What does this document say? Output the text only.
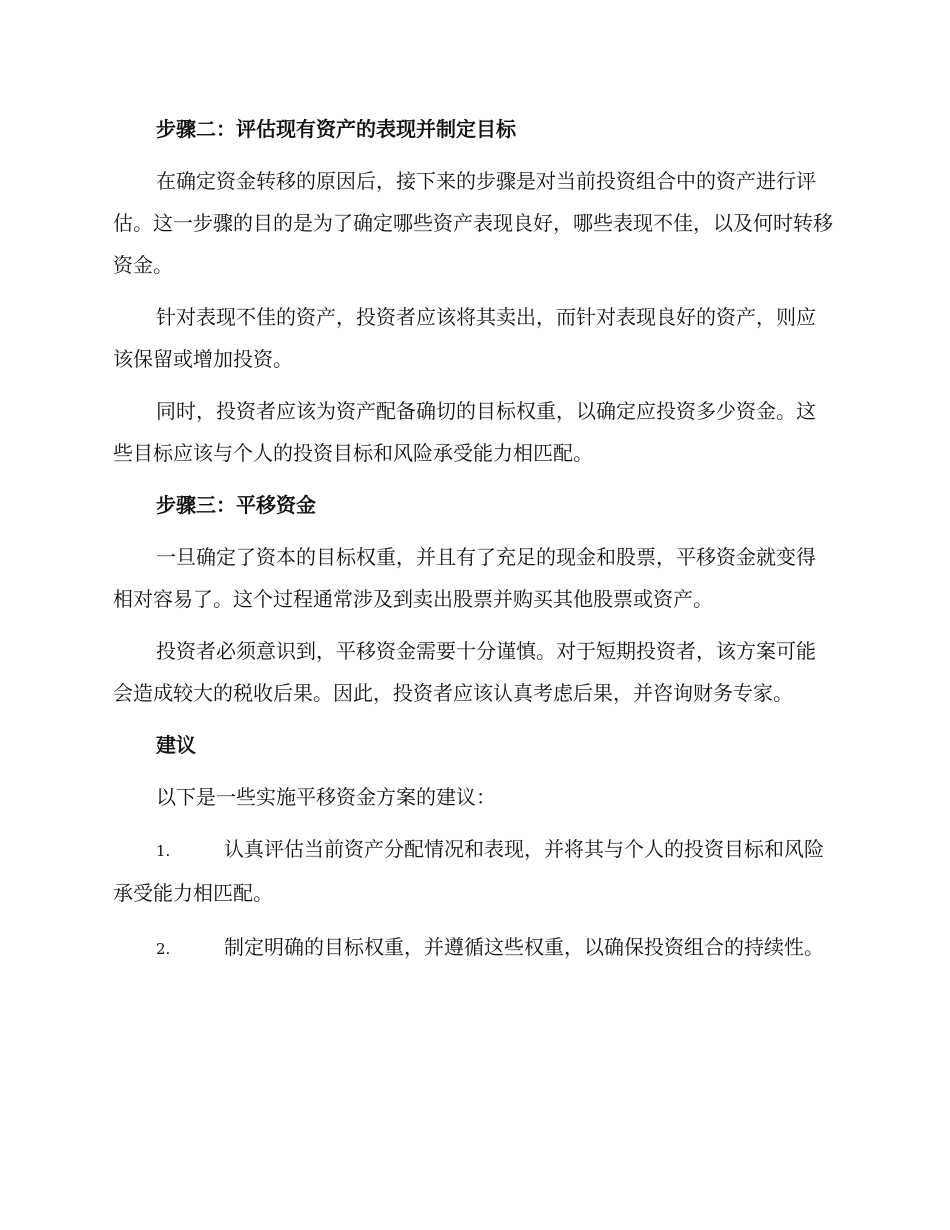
步骤二：评估现有资产的表现并制定目标

在确定资金转移的原因后，接下来的步骤是对当前投资组合中的资产进行评估。这一步骤的目的是为了确定哪些资产表现良好，哪些表现不佳，以及何时转移资金。

针对表现不佳的资产，投资者应该将其卖出，而针对表现良好的资产，则应该保留或增加投资。

同时，投资者应该为资产配备确切的目标权重，以确定应投资多少资金。这些目标应该与个人的投资目标和风险承受能力相匹配。

步骤三：平移资金

一旦确定了资本的目标权重，并且有了充足的现金和股票，平移资金就变得相对容易了。这个过程通常涉及到卖出股票并购买其他股票或资产。

投资者必须意识到，平移资金需要十分谨慎。对于短期投资者，该方案可能会造成较大的税收后果。因此，投资者应该认真考虑后果，并咨询财务专家。

建议

以下是一些实施平移资金方案的建议：

1.	认真评估当前资产分配情况和表现，并将其与个人的投资目标和风险承受能力相匹配。

2.	制定明确的目标权重，并遵循这些权重，以确保投资组合的持续性。
